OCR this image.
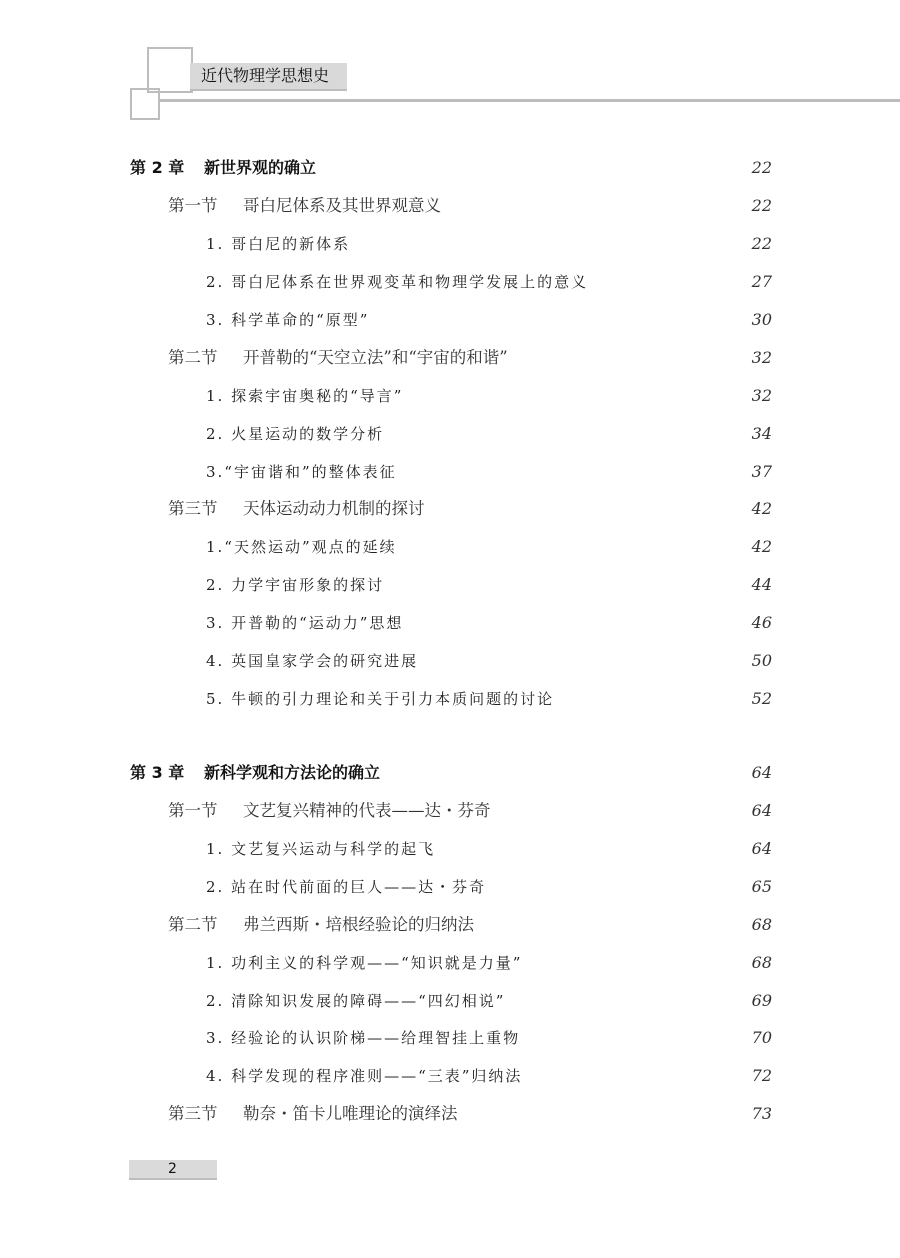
近代物理学思想史
第 2 章 新世界观的确立	22
第一节 哥白尼体系及其世界观意义	22
1. 哥白尼的新体系	22
2. 哥白尼体系在世界观变革和物理学发展上的意义	27
3. 科学革命的“原型”	30
第二节 开普勒的“天空立法”和“宇宙的和谐”	32
1. 探索宇宙奥秘的“导言”	32
2. 火星运动的数学分析	34
3.“宇宙谐和”的整体表征	37
第三节 天体运动动力机制的探讨	42
1.“天然运动”观点的延续	42
2. 力学宇宙形象的探讨	44
3. 开普勒的“运动力”思想	46
4. 英国皇家学会的研究进展	50
5. 牛顿的引力理论和关于引力本质问题的讨论	52
第 3 章 新科学观和方法论的确立	64
第一节 文艺复兴精神的代表——达・芬奇	64
1. 文艺复兴运动与科学的起飞	64
2. 站在时代前面的巨人——达・芬奇	65
第二节 弗兰西斯・培根经验论的归纳法	68
1. 功利主义的科学观——“知识就是力量”	68
2. 清除知识发展的障碍——“四幻相说”	69
3. 经验论的认识阶梯——给理智挂上重物	70
4. 科学发现的程序准则——“三表”归纳法	72
第三节 勒奈・笛卡儿唯理论的演绎法	73
2
